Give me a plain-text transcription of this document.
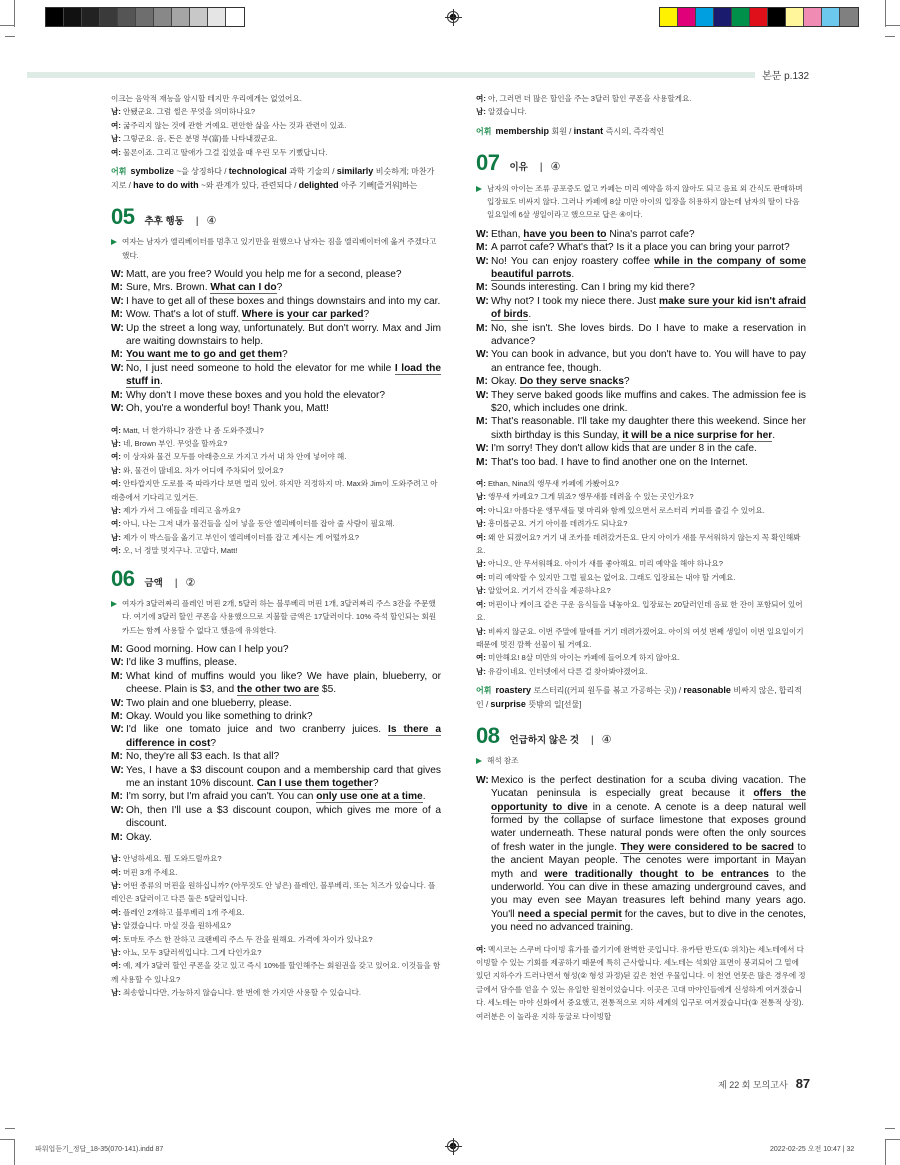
본문 p.132
이크는 음악적 재능을 암시할 테지만 우리에게는 없었어요.
남: 안됐군요. 그럼 썰은 무엇을 의미하나요?
여: 굶주리지 않는 것에 관한 거예요. 편안한 삶을 사는 것과 관련이 있죠.
남: 그렇군요. 음, 돈은 분명 부(富)를 나타내겠군요.
여: 물론이죠. 그리고 딸애가 그걸 집었을 때 우린 모두 기뻤답니다.
어휘 symbolize ~을 상징하다 / technological 과학 기술의 / similarly 비슷하게; 마찬가지로 / have to do with ~와 관계가 있다, 관련되다 / delighted 아주 기뻐[즐거워]하는
05 추후 행동 | ④
여자는 남자가 엘리베이터를 멈추고 있기만을 원했으나 남자는 짐을 엘리베이터에 옮겨 주겠다고 했다.
W: Matt, are you free? Would you help me for a second, please?
M: Sure, Mrs. Brown. What can I do?
W: I have to get all of these boxes and things downstairs and into my car.
M: Wow. That's a lot of stuff. Where is your car parked?
W: Up the street a long way, unfortunately. But don't worry. Max and Jim are waiting downstairs to help.
M: You want me to go and get them?
W: No, I just need someone to hold the elevator for me while I load the stuff in.
M: Why don't I move these boxes and you hold the elevator?
W: Oh, you're a wonderful boy! Thank you, Matt!
여: Matt, 너 한가하니? 잠깐 나 좀 도와주겠니?
남: 네, Brown 부인. 무엇을 할까요?
여: 이 상자와 물건 모두를 아래층으로 가지고 가서 내 차 안에 넣어야 해.
남: 와, 물건이 많네요. 차가 어디에 주차되어 있어요?
여: 안타깝지만 도로를 죽 따라가다 보면 멀리 있어. 하지만 걱정하지 마. Max와 Jim이 도와주려고 아래층에서 기다리고 있거든.
남: 제가 가서 그 애들을 데리고 올까요?
여: 아니, 나는 그저 내가 물건들을 실어 넣을 동안 엘리베이터를 잡아 줄 사람이 필요해.
남: 제가 이 박스들을 옮기고 부인이 엘리베이터를 잡고 계시는 게 어떨까요?
여: 오, 너 정말 멋지구나. 고맙다, Matt!
06 금액 | ②
여자가 3달러짜리 플레인 머핀 2개, 5달러 하는 블루베리 머핀 1개, 3달러짜리 주스 3잔을 주문했다. 여기에 3달러 할인 쿠폰을 사용했으므로 지불할 금액은 17달러이다. 10% 즉석 할인되는 회원카드는 함께 사용할 수 없다고 했음에 유의한다.
M: Good morning. How can I help you?
W: I'd like 3 muffins, please.
M: What kind of muffins would you like? We have plain, blueberry, or cheese. Plain is $3, and the other two are $5.
W: Two plain and one blueberry, please.
M: Okay. Would you like something to drink?
W: I'd like one tomato juice and two cranberry juices. Is there a difference in cost?
M: No, they're all $3 each. Is that all?
W: Yes, I have a $3 discount coupon and a membership card that gives me an instant 10% discount. Can I use them together?
M: I'm sorry, but I'm afraid you can't. You can only use one at a time.
W: Oh, then I'll use a $3 discount coupon, which gives me more of a discount.
M: Okay.
남: 안녕하세요. 뭘 도와드릴까요?
여: 머핀 3개 주세요.
남: 어떤 종류의 머핀을 원하십니까? (아무것도 안 넣은) 플레인, 블루베리, 또는 치즈가 있습니다. 플레인은 3달러이고 다른 둘은 5달러입니다.
여: 플레인 2개하고 블루베리 1개 주세요.
남: 알겠습니다. 마실 것을 원하세요?
여: 토마토 주스 한 잔하고 크랜베리 주스 두 잔을 원해요. 가격에 차이가 있나요?
남: 아뇨, 모두 3달러씩입니다. 그게 다인가요?
여: 예, 제가 3달러 할인 쿠폰을 갖고 있고 즉시 10%를 할인해주는 회원권을 갖고 있어요. 이것들을 함께 사용할 수 있나요?
남: 죄송합니다만, 가능하지 않습니다. 한 번에 한 가지만 사용할 수 있습니다.
여: 아, 그러면 더 많은 할인을 주는 3달러 할인 쿠폰을 사용할게요.
남: 알겠습니다.
어휘 membership 회원 / instant 즉시의, 즉각적인
07 이유 | ④
남자의 아이는 조류 공포증도 없고 카페는 미리 예약을 하지 않아도 되고 음료 외 간식도 판매하며 입장료도 비싸지 않다. 그러나 카페에 8살 미만 아이의 입장을 허용하지 않는데 남자의 딸이 다음 일요일에 6살 생일이라고 했으므로 답은 ④이다.
W: Ethan, have you been to Nina's parrot cafe?
M: A parrot cafe? What's that? Is it a place you can bring your parrot?
W: No! You can enjoy roastery coffee while in the company of some beautiful parrots.
M: Sounds interesting. Can I bring my kid there?
W: Why not? I took my niece there. Just make sure your kid isn't afraid of birds.
M: No, she isn't. She loves birds. Do I have to make a reservation in advance?
W: You can book in advance, but you don't have to. You will have to pay an entrance fee, though.
M: Okay. Do they serve snacks?
W: They serve baked goods like muffins and cakes. The admission fee is $20, which includes one drink.
M: That's reasonable. I'll take my daughter there this weekend. Since her sixth birthday is this Sunday, it will be a nice surprise for her.
W: I'm sorry! They don't allow kids that are under 8 in the cafe.
M: That's too bad. I have to find another one on the Internet.
여: Ethan, Nina의 앵무새 카페에 가봤어요?
남: 앵무새 카페요? 그게 뭐죠? 앵무새를 데려올 수 있는 곳인가요?
여: 아니요! 아름다운 앵무새들 몇 마리와 함께 있으면서 로스터리 커피를 즐길 수 있어요.
남: 흥미롭군요. 거기 아이를 데려가도 되나요?
여: 왜 안 되겠어요? 거기 내 조카를 데려갔거든요. 단지 아이가 새를 무서워하지 않는지 꼭 확인해봐요.
남: 아니오, 안 무서워해요. 아이가 새를 좋아해요. 미리 예약을 해야 하나요?
여: 미리 예약할 수 있지만 그럴 필요는 없어요. 그래도 입장료는 내야 할 거예요.
남: 알았어요. 거기서 간식을 제공하나요?
여: 머핀이나 케이크 같은 구운 음식들을 내놓아요. 입장료는 20달러인데 음료 한 잔이 포함되어 있어요.
남: 비싸지 않군요. 이번 주말에 딸애를 거기 데려가겠어요. 아이의 여섯 번째 생일이 이번 일요일이기 때문에 멋진 깜짝 선물이 될 거예요.
여: 미안해요! 8살 미만의 아이는 카페에 들어오게 하지 않아요.
남: 유감이네요. 인터넷에서 다른 걸 찾아봐야겠어요.
어휘 roastery 로스터리((커피 원두를 볶고 가공하는 곳)) / reasonable 비싸지 않은, 합리적인 / surprise 뜻밖의 일[선물]
08 언급하지 않은 것 | ④
해석 참조
W: Mexico is the perfect destination for a scuba diving vacation. The Yucatan peninsula is especially great because it offers the opportunity to dive in a cenote. A cenote is a deep natural well formed by the collapse of surface limestone that exposes ground water underneath. These natural ponds were often the only sources of fresh water in the jungle. They were considered to be sacred to the ancient Mayan people. The cenotes were important in Mayan myth and were traditionally thought to be entrances to the underworld. You can dive in these amazing underground caves, and you may even see Mayan treasures left behind many years ago. You'll need a special permit for the caves, but to dive in the cenotes, you need no advanced training.
여: 멕시코는 스쿠버 다이빙 휴가를 즐기기에 완벽한 곳입니다. 유카탄 반도(① 위치)는 세노테에서 다이빙할 수 있는 기회를 제공하기 때문에 특히 근사합니다. 세노테는 석회암 표면이 붕괴되어 그 밑에 있던 지하수가 드러나면서 형성(② 형성 과정)된 깊은 천연 우물입니다. 이 천연 연못은 많은 경우에 정글에서 담수를 얻을 수 있는 유일한 원천이었습니다. 이곳은 고대 마야인들에게 신성하게 여겨졌습니다. 세노테는 마야 신화에서 중요했고, 전통적으로 지하 세계의 입구로 여겨졌습니다(③ 전통적 상징). 여러분은 이 놀라운 지하 동굴로 다이빙할
제 22 회 모의고사 87
파워업듣기_정답_18-35(070-141).indd 87	2022-02-25 오전 10:47 | 32
